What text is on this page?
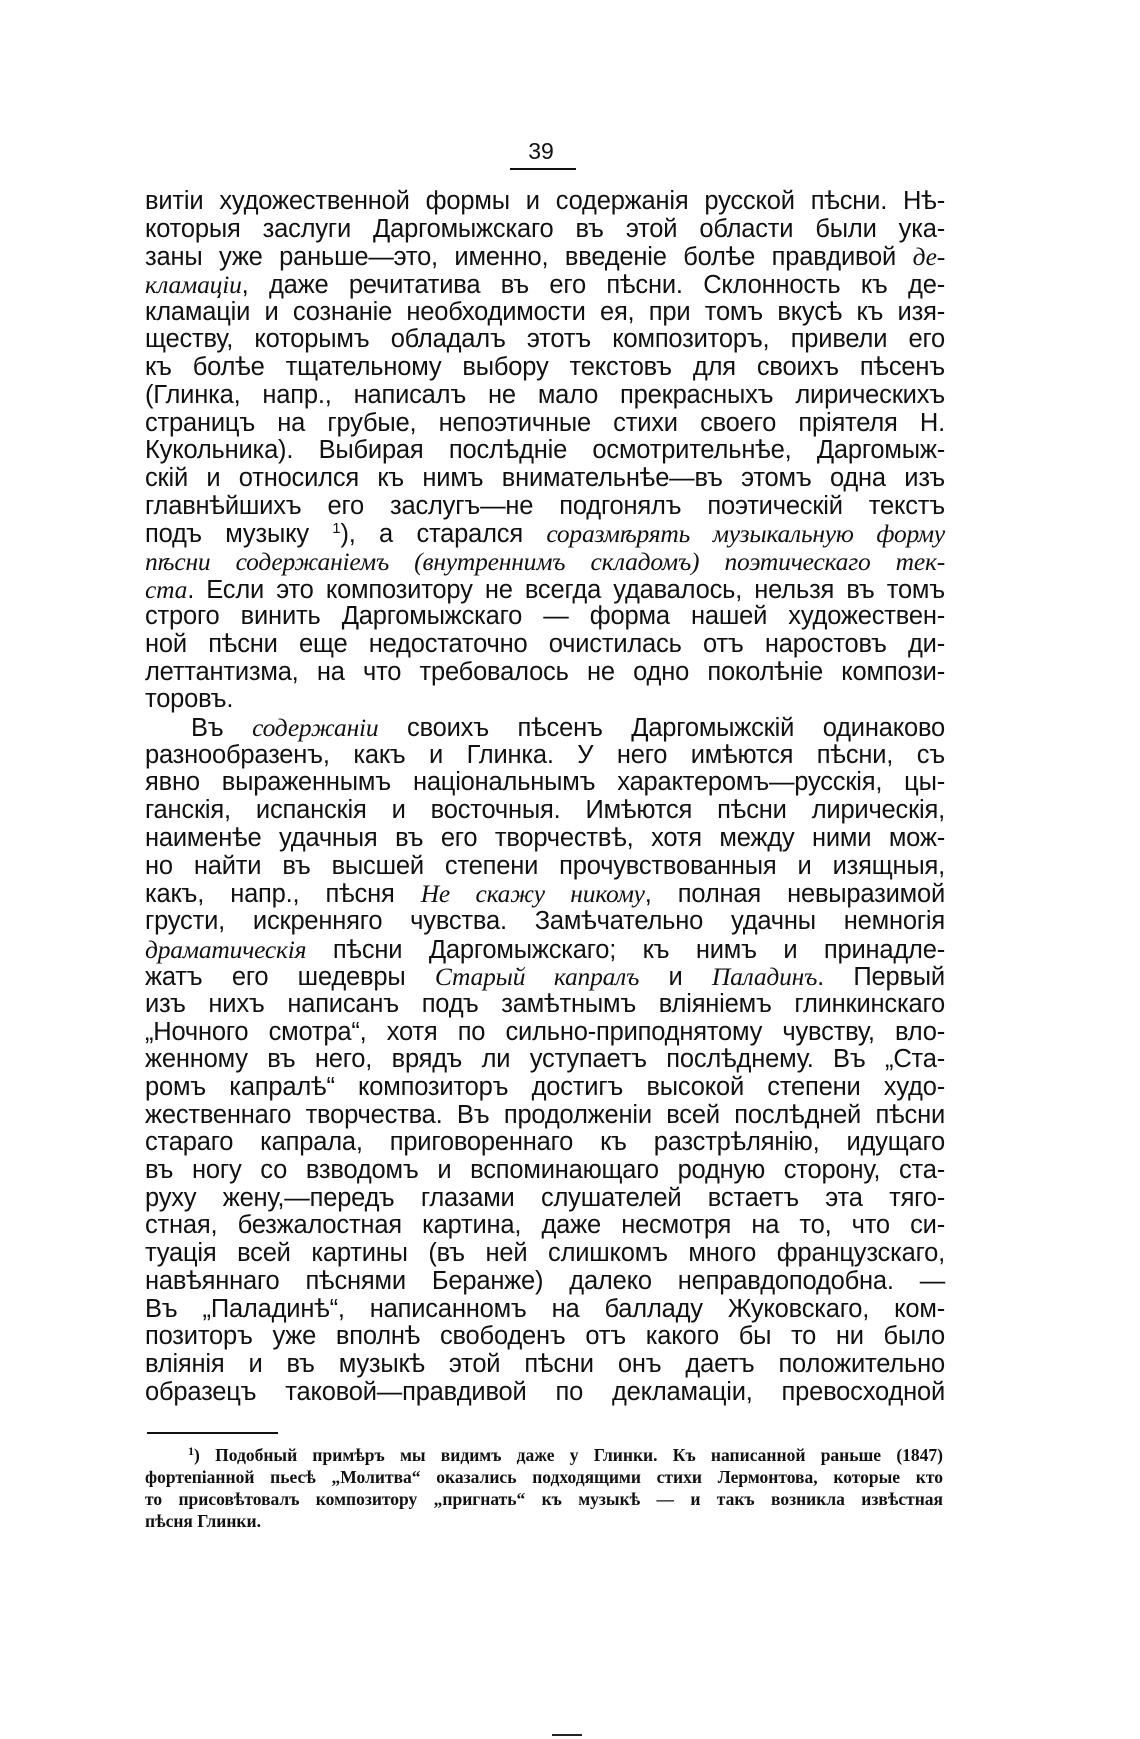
39
витіи художественной формы и содержанія русской пѣсни. Нѣ-
которыя заслуги Даргомыжскаго въ этой области были ука-
заны уже раньше—это, именно, введеніе болѣе правдивой де-
кламаціи, даже речитатива въ его пѣсни. Склонность къ де-
кламаціи и сознаніе необходимости ея, при томъ вкусѣ къ изя-
ществу, которымъ обладалъ этотъ композиторъ, привели его
къ болѣе тщательному выбору текстовъ для своихъ пѣсенъ
(Глинка, напр., написалъ не мало прекрасныхъ лирическихъ
страницъ на грубые, непоэтичные стихи своего пріятеля Н.
Кукольника). Выбирая послѣдніе осмотрительнѣе, Даргомыж-
скій и относился къ нимъ внимательнѣе—въ этомъ одна изъ
главнѣйшихъ его заслугъ—не подгонялъ поэтическій текстъ
подъ музыку $^1$), а старался соразмѣрять музыкальную форму
пѣсни содержаніемъ (внутреннимъ складомъ) поэтическаго тек-
ста. Если это композитору не всегда удавалось, нельзя въ томъ
строго винить Даргомыжскаго — форма нашей художествен-
ной пѣсни еще недостаточно очистилась отъ наростовъ ди-
леттантизма, на что требовалось не одно поколѣніе компози-
торовъ.
Въ содержаніи своихъ пѣсенъ Даргомыжскій одинаково
разнообразенъ, какъ и Глинка. У него имѣются пѣсни, съ
явно выраженнымъ національнымъ характеромъ—русскія, цы-
ганскія, испанскія и восточныя. Имѣются пѣсни лирическія,
наименѣе удачныя въ его творчествѣ, хотя между ними мож-
но найти въ высшей степени прочувствованныя и изящныя,
какъ, напр., пѣсня Не скажу никому, полная невыразимой
грусти, искренняго чувства. Замѣчательно удачны немногія
драматическія пѣсни Даргомыжскаго; къ нимъ и принадле-
жатъ его шедевры Старый капралъ и Паладинъ. Первый
изъ нихъ написанъ подъ замѣтнымъ вліяніемъ глинкинскаго
„Ночного смотра“, хотя по сильно-приподнятому чувству, вло-
женному въ него, врядъ ли уступаетъ послѣднему. Въ „Ста-
ромъ капралѣ“ композиторъ достигъ высокой степени худо-
жественнаго творчества. Въ продолженіи всей послѣдней пѣсни
стараго капрала, приговореннаго къ разстрѣлянію, идущаго
въ ногу со взводомъ и вспоминающаго родную сторону, ста-
руху жену,—передъ глазами слушателей встаетъ эта тяго-
стная, безжалостная картина, даже несмотря на то, что си-
туація всей картины (въ ней слишкомъ много французскаго,
навѣяннаго пѣснями Беранже) далеко неправдоподобна. —
Въ „Паладинѣ“, написанномъ на балладу Жуковскаго, ком-
позиторъ уже вполнѣ свободенъ отъ какого бы то ни было
вліянія и въ музыкѣ этой пѣсни онъ даетъ положительно
образецъ таковой—правдивой по декламаціи, превосходной
$^1$) Подобный примѣръ мы видимъ даже у Глинки. Къ написанной раньше (1847)
фортепіанной пьесѣ „Молитва“ оказались подходящими стихи Лермонтова, которые кто
то присовѣтовалъ композитору „пригнать“ къ музыкѣ — и такъ возникла извѣстная
пѣсня Глинки.
